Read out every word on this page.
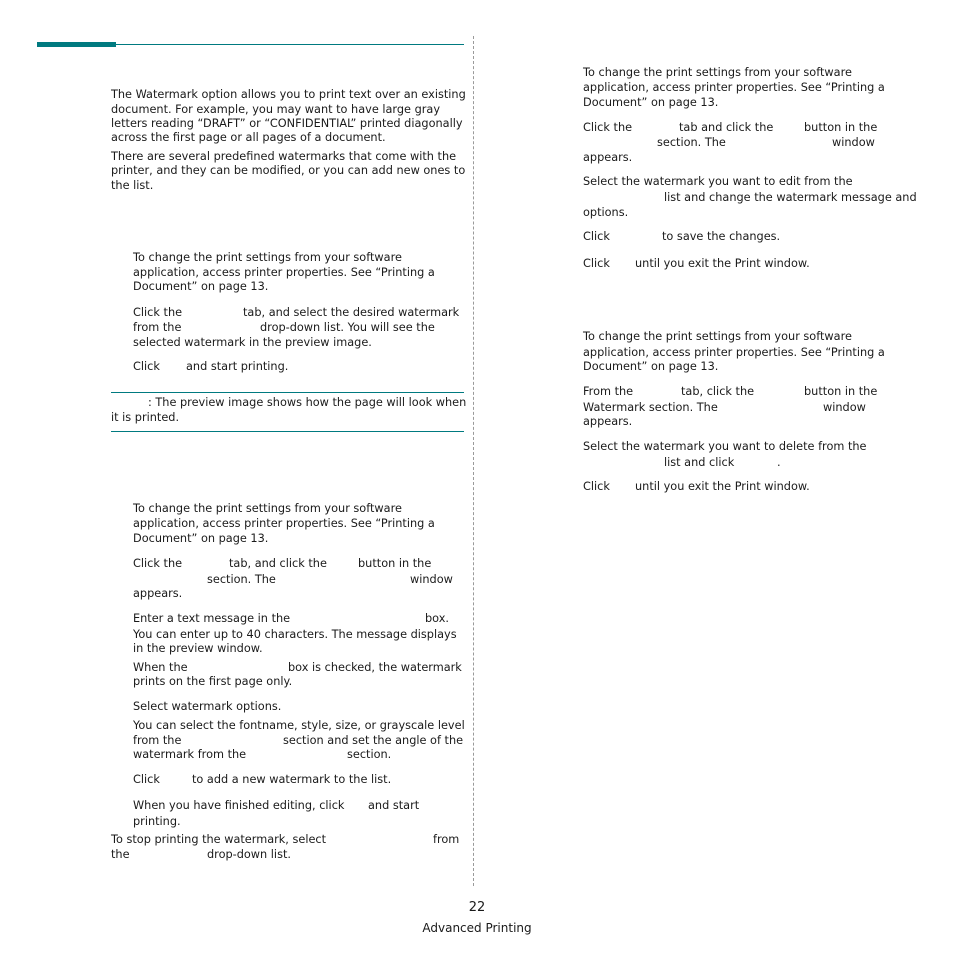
The Watermark option allows you to print text over an existing
document. For example, you may want to have large gray
letters reading “DRAFT” or “CONFIDENTIAL” printed diagonally
across the first page or all pages of a document.
There are several predefined watermarks that come with the
printer, and they can be modified, or you can add new ones to
the list.
To change the print settings from your software
application, access printer properties. See “Printing a
Document” on page 13.
Click the	tab, and select the desired watermark
from the	drop-down list. You will see the
selected watermark in the preview image.
Click and start printing.
: The preview image shows how the page will look when
it is printed.
To change the print settings from your software
application, access printer properties. See “Printing a
Document” on page 13.
Click the	tab, and click the	button in the
section. The	window
appears.
Enter a text message in the	box.
You can enter up to 40 characters. The message displays
in the preview window.
When the	box is checked, the watermark
prints on the first page only.
Select watermark options.
You can select the font name, style, size, or grayscale level
from the	section and set the angle of the
watermark from the	section.
Click	to add a new watermark to the list.
When you have finished editing, click and start
printing.
To stop printing the watermark, select	from
the	drop-down list.
To change the print settings from your software
application, access printer properties. See “Printing a
Document” on page 13.
Click the	tab and click the	button in the
section. The	window
appears.
Select the watermark you want to edit from the
list and change the watermark message and
options.
Click	to save the changes.
Click until you exit the Print window.
To change the print settings from your software
application, access printer properties. See “Printing a
Document” on page 13.
From the	tab, click the	button in the
Watermark section. The	window
appears.
Select the watermark you want to delete from the
list and click	.
Click until you exit the Print window.
22
Advanced Printing
